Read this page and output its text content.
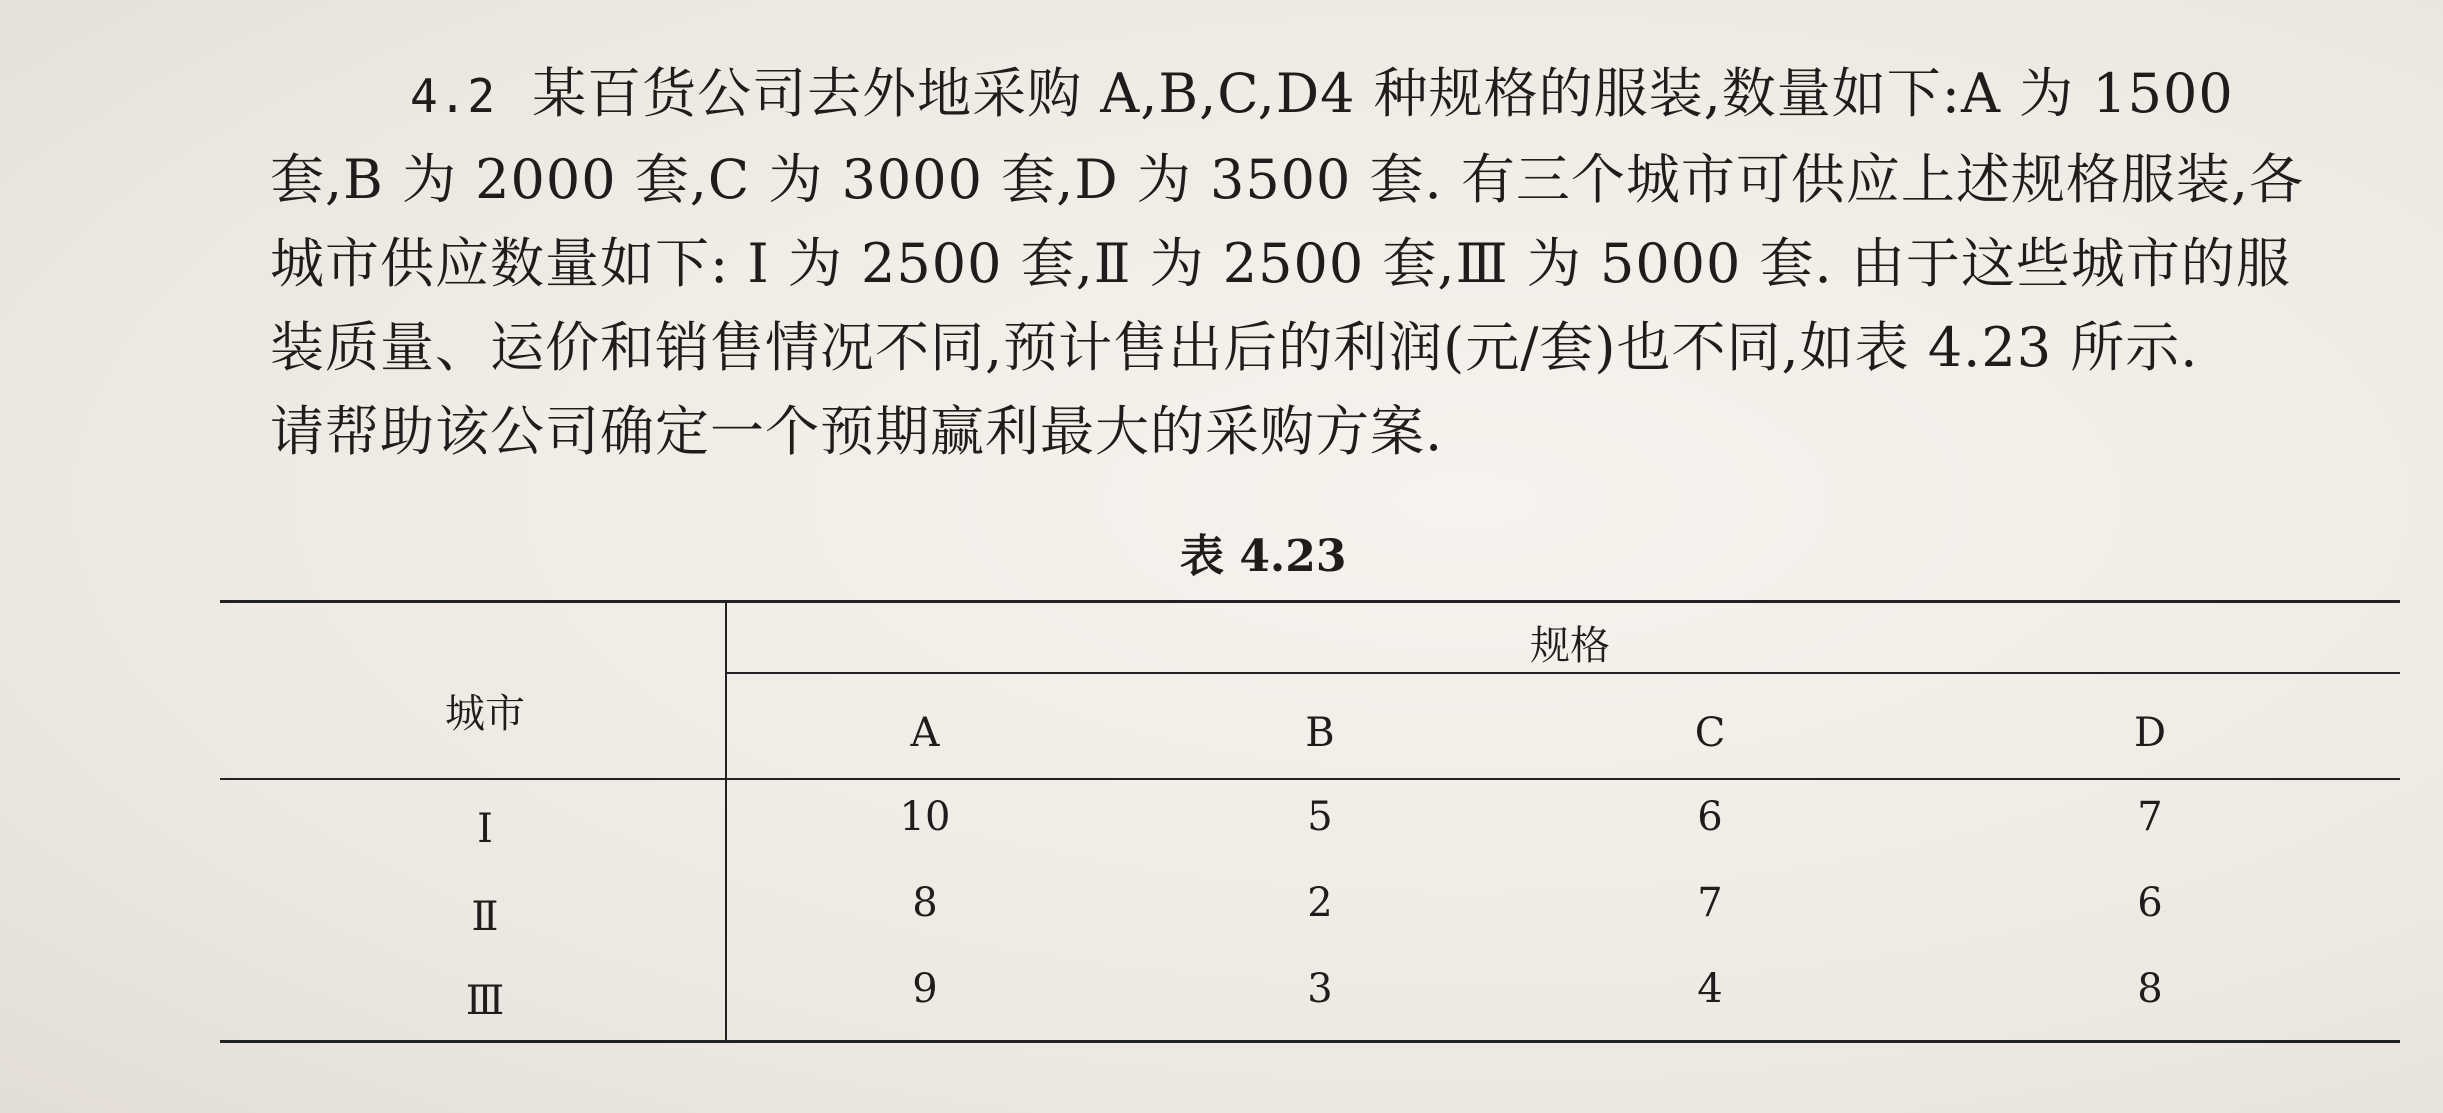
4.2 某百货公司去外地采购 A,B,C,D4 种规格的服装,数量如下:A 为 1500
套,B 为 2000 套,C 为 3000 套,D 为 3500 套. 有三个城市可供应上述规格服装,各
城市供应数量如下: Ⅰ 为 2500 套,Ⅱ 为 2500 套,Ⅲ 为 5000 套. 由于这些城市的服
装质量、运价和销售情况不同,预计售出后的利润(元/套)也不同,如表 4.23 所示.
请帮助该公司确定一个预期赢利最大的采购方案.
表 4.23
城市
规格
A	B	C	D
Ⅰ	10	5	6	7
Ⅱ	8	2	7	6
Ⅲ	9	3	4	8
